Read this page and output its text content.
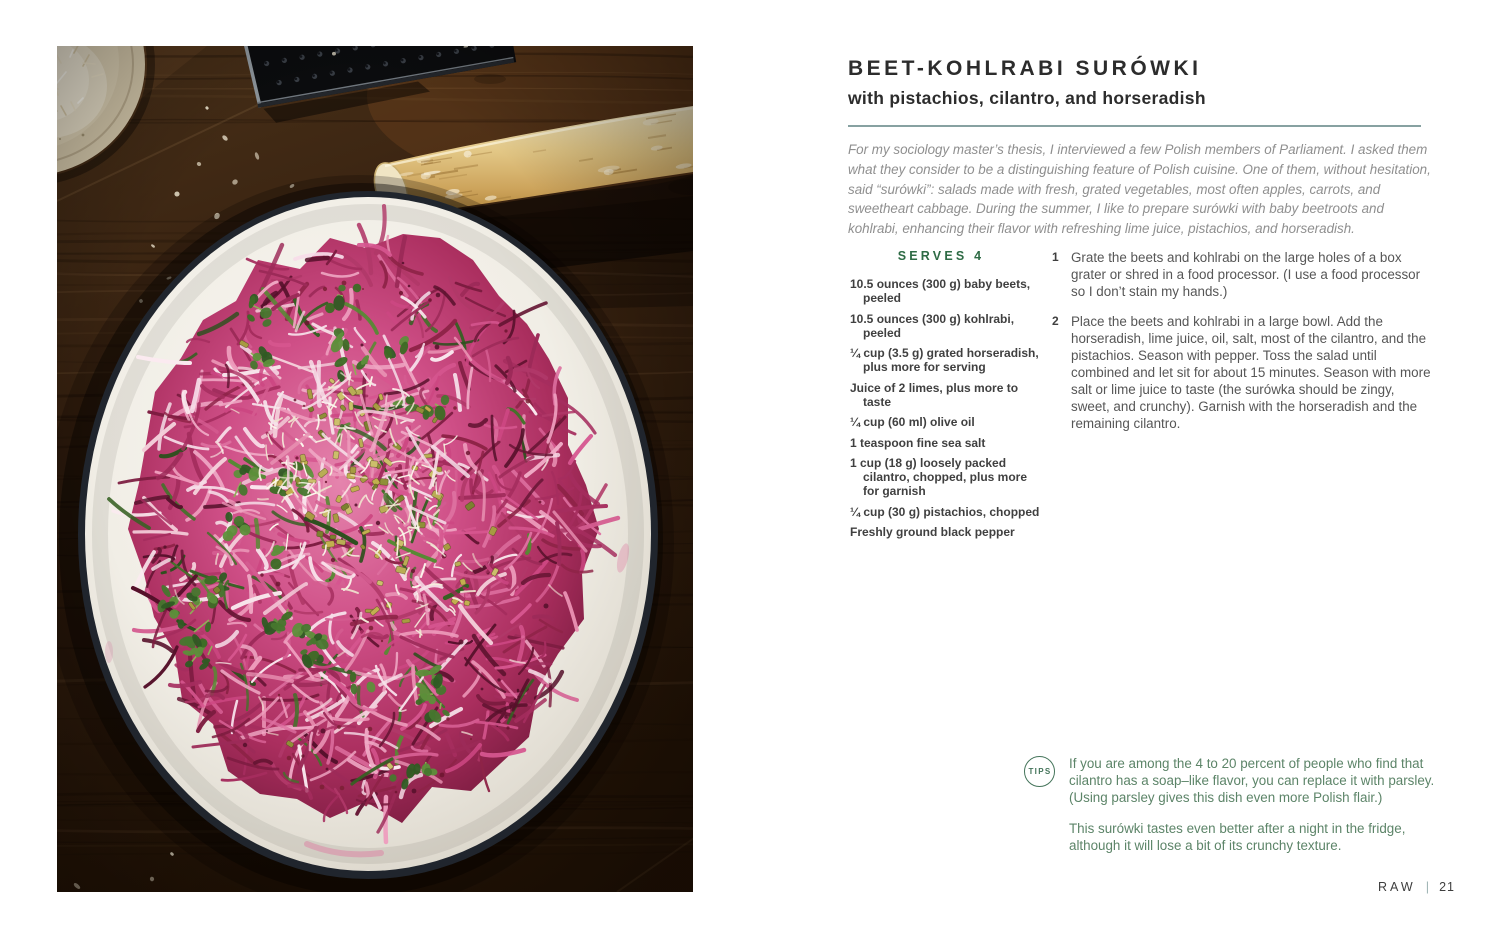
BEET-KOHLRABI SURÓWKI
with pistachios, cilantro, and horseradish

For my sociology master’s thesis, I interviewed a few Polish members of Parliament. I asked them what they consider to be a distinguishing feature of Polish cuisine. One of them, without hesitation, said “surówki”: salads made with fresh, grated vegetables, most often apples, carrots, and sweetheart cabbage. During the summer, I like to prepare surówki with baby beetroots and kohlrabi, enhancing their flavor with refreshing lime juice, pistachios, and horseradish.

SERVES 4
10.5 ounces (300 g) baby beets, peeled
10.5 ounces (300 g) kohlrabi, peeled
¼ cup (3.5 g) grated horseradish, plus more for serving
Juice of 2 limes, plus more to taste
¼ cup (60 ml) olive oil
1 teaspoon fine sea salt
1 cup (18 g) loosely packed cilantro, chopped, plus more for garnish
¼ cup (30 g) pistachios, chopped
Freshly ground black pepper
1 Grate the beets and kohlrabi on the large holes of a box grater or shred in a food processor. (I use a food processor so I don’t stain my hands.)
2 Place the beets and kohlrabi in a large bowl. Add the horseradish, lime juice, oil, salt, most of the cilantro, and the pistachios. Season with pepper. Toss the salad until combined and let sit for about 15 minutes. Season with more salt or lime juice to taste (the surówka should be zingy, sweet, and crunchy). Garnish with the horseradish and the remaining cilantro.
TIPS

If you are among the 4 to 20 percent of people who find that cilantro has a soap–like flavor, you can replace it with parsley. (Using parsley gives this dish even more Polish flair.)

This surówki tastes even better after a night in the fridge, although it will lose a bit of its crunchy texture.

RAW | 21
